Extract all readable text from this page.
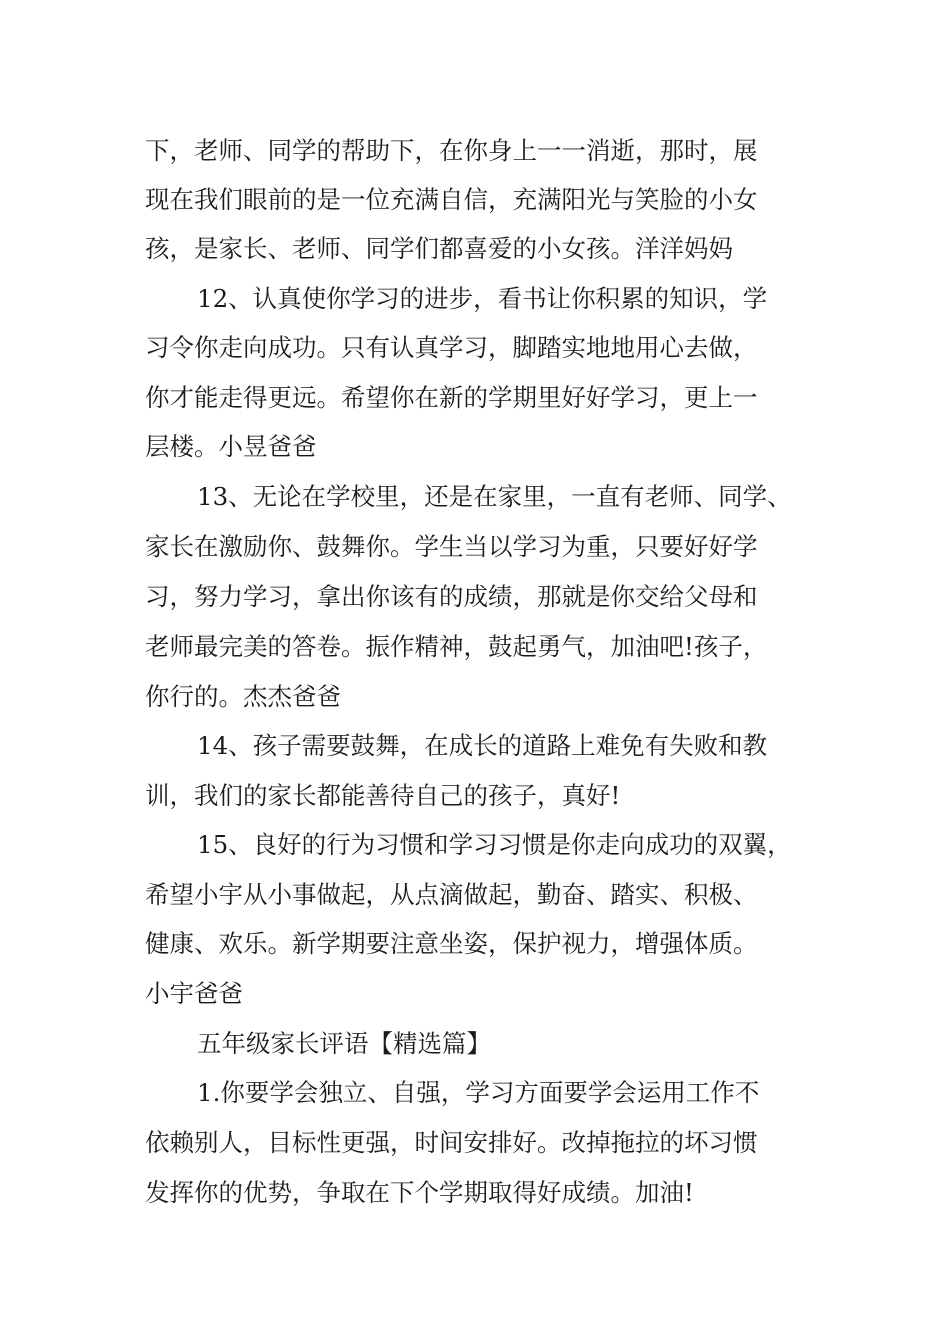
下，老师、同学的帮助下，在你身上一一消逝，那时，展
现在我们眼前的是一位充满自信，充满阳光与笑脸的小女
孩，是家长、老师、同学们都喜爱的小女孩。洋洋妈妈
12、认真使你学习的进步，看书让你积累的知识，学
习令你走向成功。只有认真学习，脚踏实地地用心去做，
你才能走得更远。希望你在新的学期里好好学习，更上一
层楼。小昱爸爸
13、无论在学校里，还是在家里，一直有老师、同学、
家长在激励你、鼓舞你。学生当以学习为重，只要好好学
习，努力学习，拿出你该有的成绩，那就是你交给父母和
老师最完美的答卷。振作精神，鼓起勇气，加油吧!孩子，
你行的。杰杰爸爸
14、孩子需要鼓舞，在成长的道路上难免有失败和教
训，我们的家长都能善待自己的孩子，真好!
15、良好的行为习惯和学习习惯是你走向成功的双翼，
希望小宇从小事做起，从点滴做起，勤奋、踏实、积极、
健康、欢乐。新学期要注意坐姿，保护视力，增强体质。
小宇爸爸
五年级家长评语【精选篇】
1.你要学会独立、自强，学习方面要学会运用工作不
依赖别人，目标性更强，时间安排好。改掉拖拉的坏习惯
发挥你的优势，争取在下个学期取得好成绩。加油!
